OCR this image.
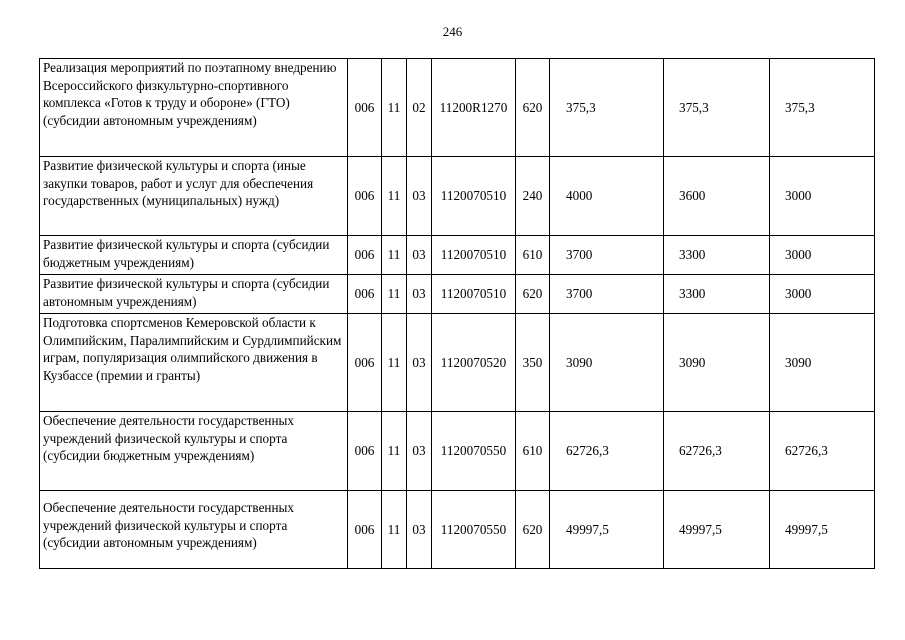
246
Реализация мероприятий по поэтапному внедрению Всероссийского физкультурно-спортивного комплекса «Готов к труду и обороне» (ГТО) (субсидии автономным учреждениям)	006	11	02	11200R1270	620	375,3	375,3	375,3
Развитие физической культуры и спорта (иные закупки товаров, работ и услуг для обеспечения государственных (муниципальных) нужд)	006	11	03	1120070510	240	4000	3600	3000
Развитие физической культуры и спорта (субсидии бюджетным учреждениям)	006	11	03	1120070510	610	3700	3300	3000
Развитие физической культуры и спорта (субсидии автономным учреждениям)	006	11	03	1120070510	620	3700	3300	3000
Подготовка спортсменов Кемеровской области к Олимпийским, Паралимпийским и Сурдлимпийским играм, популяризация олимпийского движения в Кузбассе (премии и гранты)	006	11	03	1120070520	350	3090	3090	3090
Обеспечение деятельности государственных учреждений физической культуры и спорта (субсидии бюджетным учреждениям)	006	11	03	1120070550	610	62726,3	62726,3	62726,3
Обеспечение деятельности государственных учреждений физической культуры и спорта (субсидии автономным учреждениям)	006	11	03	1120070550	620	49997,5	49997,5	49997,5
